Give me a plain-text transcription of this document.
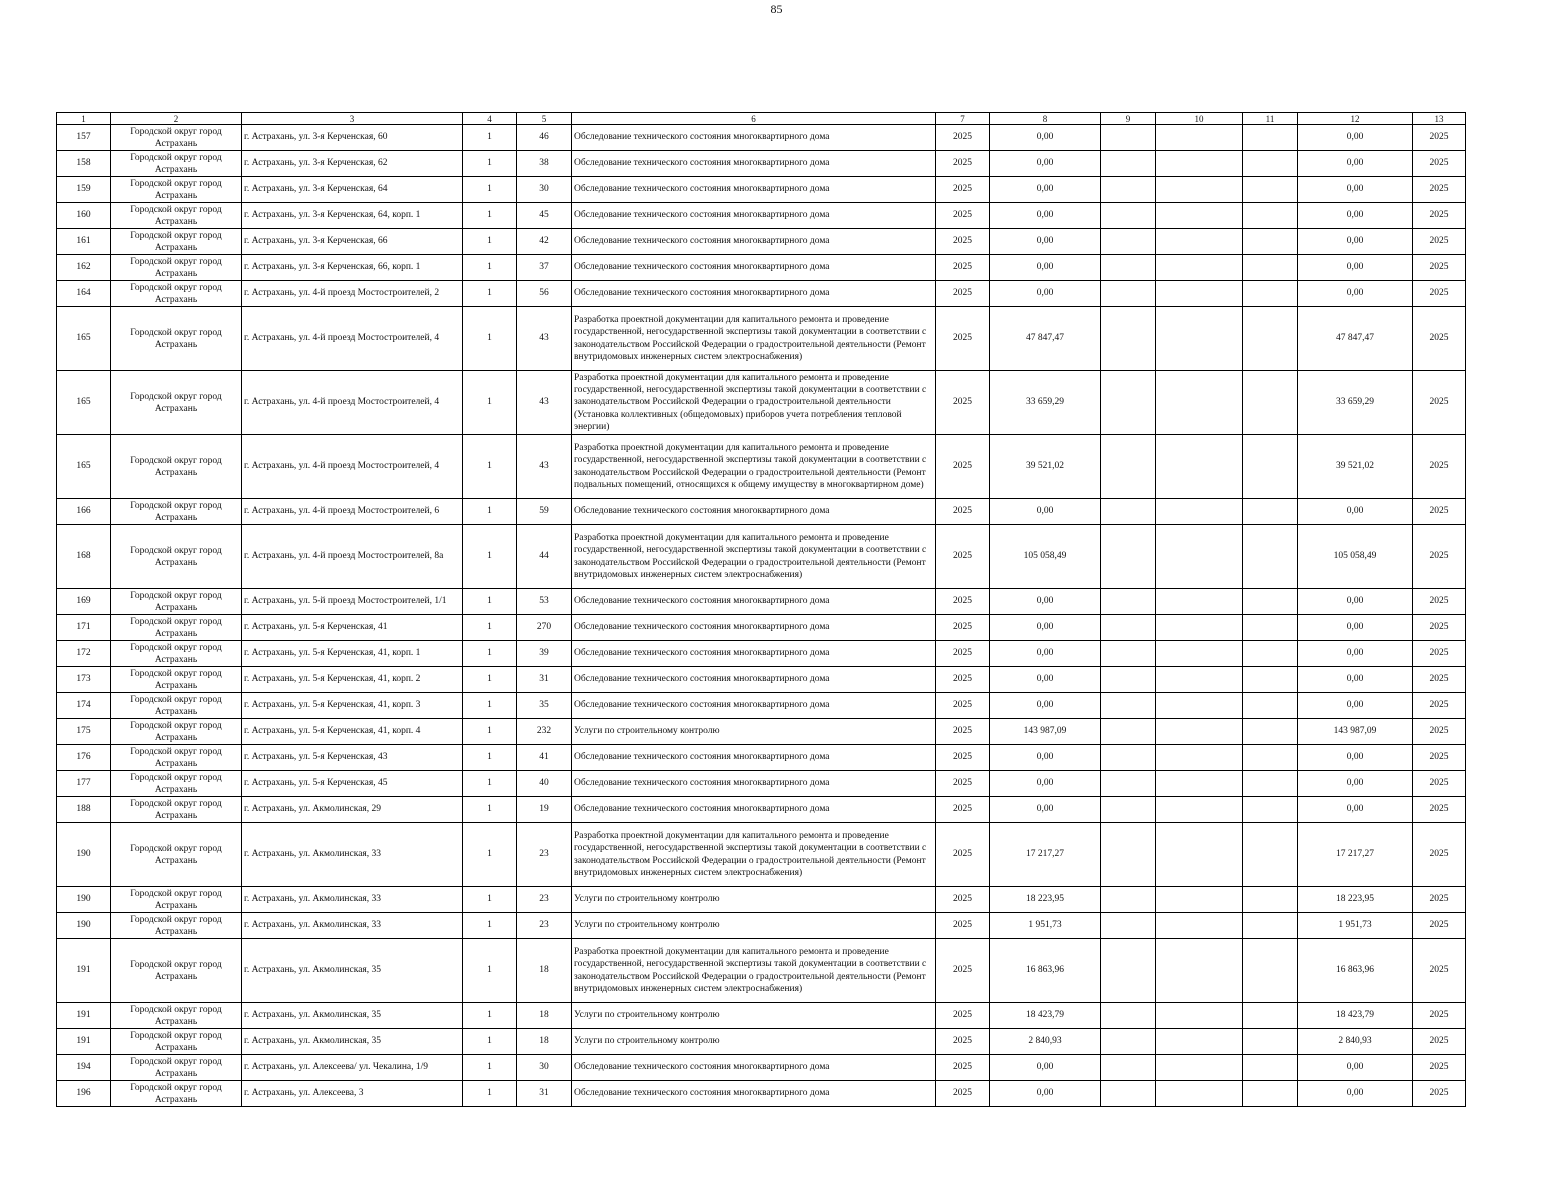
85
1	2	3	4	5	6	7	8	9	10	11	12	13
157	Городской округ город Астрахань	г. Астрахань, ул. 3-я Керченская, 60	1	46	Обследование технического состояния многоквартирного дома	2025	0,00				0,00	2025
158	Городской округ город Астрахань	г. Астрахань, ул. 3-я Керченская, 62	1	38	Обследование технического состояния многоквартирного дома	2025	0,00				0,00	2025
159	Городской округ город Астрахань	г. Астрахань, ул. 3-я Керченская, 64	1	30	Обследование технического состояния многоквартирного дома	2025	0,00				0,00	2025
160	Городской округ город Астрахань	г. Астрахань, ул. 3-я Керченская, 64, корп. 1	1	45	Обследование технического состояния многоквартирного дома	2025	0,00				0,00	2025
161	Городской округ город Астрахань	г. Астрахань, ул. 3-я Керченская, 66	1	42	Обследование технического состояния многоквартирного дома	2025	0,00				0,00	2025
162	Городской округ город Астрахань	г. Астрахань, ул. 3-я Керченская, 66, корп. 1	1	37	Обследование технического состояния многоквартирного дома	2025	0,00				0,00	2025
164	Городской округ город Астрахань	г. Астрахань, ул. 4-й проезд Мостостроителей, 2	1	56	Обследование технического состояния многоквартирного дома	2025	0,00				0,00	2025
165	Городской округ город Астрахань	г. Астрахань, ул. 4-й проезд Мостостроителей, 4	1	43	Разработка проектной документации для капитального ремонта и проведение государственной, негосударственной экспертизы такой документации в соответствии с законодательством Российской Федерации о градостроительной деятельности (Ремонт внутридомовых инженерных систем электроснабжения)	2025	47 847,47				47 847,47	2025
165	Городской округ город Астрахань	г. Астрахань, ул. 4-й проезд Мостостроителей, 4	1	43	Разработка проектной документации для капитального ремонта и проведение государственной, негосударственной экспертизы такой документации в соответствии с законодательством Российской Федерации о градостроительной деятельности (Установка коллективных (общедомовых) приборов учета потребления тепловой энергии)	2025	33 659,29				33 659,29	2025
165	Городской округ город Астрахань	г. Астрахань, ул. 4-й проезд Мостостроителей, 4	1	43	Разработка проектной документации для капитального ремонта и проведение государственной, негосударственной экспертизы такой документации в соответствии с законодательством Российской Федерации о градостроительной деятельности (Ремонт подвальных помещений, относящихся к общему имуществу в многоквартирном доме)	2025	39 521,02				39 521,02	2025
166	Городской округ город Астрахань	г. Астрахань, ул. 4-й проезд Мостостроителей, 6	1	59	Обследование технического состояния многоквартирного дома	2025	0,00				0,00	2025
168	Городской округ город Астрахань	г. Астрахань, ул. 4-й проезд Мостостроителей, 8а	1	44	Разработка проектной документации для капитального ремонта и проведение государственной, негосударственной экспертизы такой документации в соответствии с законодательством Российской Федерации о градостроительной деятельности (Ремонт внутридомовых инженерных систем электроснабжения)	2025	105 058,49				105 058,49	2025
169	Городской округ город Астрахань	г. Астрахань, ул. 5-й проезд Мостостроителей, 1/1	1	53	Обследование технического состояния многоквартирного дома	2025	0,00				0,00	2025
171	Городской округ город Астрахань	г. Астрахань, ул. 5-я Керченская, 41	1	270	Обследование технического состояния многоквартирного дома	2025	0,00				0,00	2025
172	Городской округ город Астрахань	г. Астрахань, ул. 5-я Керченская, 41, корп. 1	1	39	Обследование технического состояния многоквартирного дома	2025	0,00				0,00	2025
173	Городской округ город Астрахань	г. Астрахань, ул. 5-я Керченская, 41, корп. 2	1	31	Обследование технического состояния многоквартирного дома	2025	0,00				0,00	2025
174	Городской округ город Астрахань	г. Астрахань, ул. 5-я Керченская, 41, корп. 3	1	35	Обследование технического состояния многоквартирного дома	2025	0,00				0,00	2025
175	Городской округ город Астрахань	г. Астрахань, ул. 5-я Керченская, 41, корп. 4	1	232	Услуги по строительному контролю	2025	143 987,09				143 987,09	2025
176	Городской округ город Астрахань	г. Астрахань, ул. 5-я Керченская, 43	1	41	Обследование технического состояния многоквартирного дома	2025	0,00				0,00	2025
177	Городской округ город Астрахань	г. Астрахань, ул. 5-я Керченская, 45	1	40	Обследование технического состояния многоквартирного дома	2025	0,00				0,00	2025
188	Городской округ город Астрахань	г. Астрахань, ул. Акмолинская, 29	1	19	Обследование технического состояния многоквартирного дома	2025	0,00				0,00	2025
190	Городской округ город Астрахань	г. Астрахань, ул. Акмолинская, 33	1	23	Разработка проектной документации для капитального ремонта и проведение государственной, негосударственной экспертизы такой документации в соответствии с законодательством Российской Федерации о градостроительной деятельности (Ремонт внутридомовых инженерных систем электроснабжения)	2025	17 217,27				17 217,27	2025
190	Городской округ город Астрахань	г. Астрахань, ул. Акмолинская, 33	1	23	Услуги по строительному контролю	2025	18 223,95				18 223,95	2025
190	Городской округ город Астрахань	г. Астрахань, ул. Акмолинская, 33	1	23	Услуги по строительному контролю	2025	1 951,73				1 951,73	2025
191	Городской округ город Астрахань	г. Астрахань, ул. Акмолинская, 35	1	18	Разработка проектной документации для капитального ремонта и проведение государственной, негосударственной экспертизы такой документации в соответствии с законодательством Российской Федерации о градостроительной деятельности (Ремонт внутридомовых инженерных систем электроснабжения)	2025	16 863,96				16 863,96	2025
191	Городской округ город Астрахань	г. Астрахань, ул. Акмолинская, 35	1	18	Услуги по строительному контролю	2025	18 423,79				18 423,79	2025
191	Городской округ город Астрахань	г. Астрахань, ул. Акмолинская, 35	1	18	Услуги по строительному контролю	2025	2 840,93				2 840,93	2025
194	Городской округ город Астрахань	г. Астрахань, ул. Алексеева/ ул. Чекалина, 1/9	1	30	Обследование технического состояния многоквартирного дома	2025	0,00				0,00	2025
196	Городской округ город Астрахань	г. Астрахань, ул. Алексеева, 3	1	31	Обследование технического состояния многоквартирного дома	2025	0,00				0,00	2025
